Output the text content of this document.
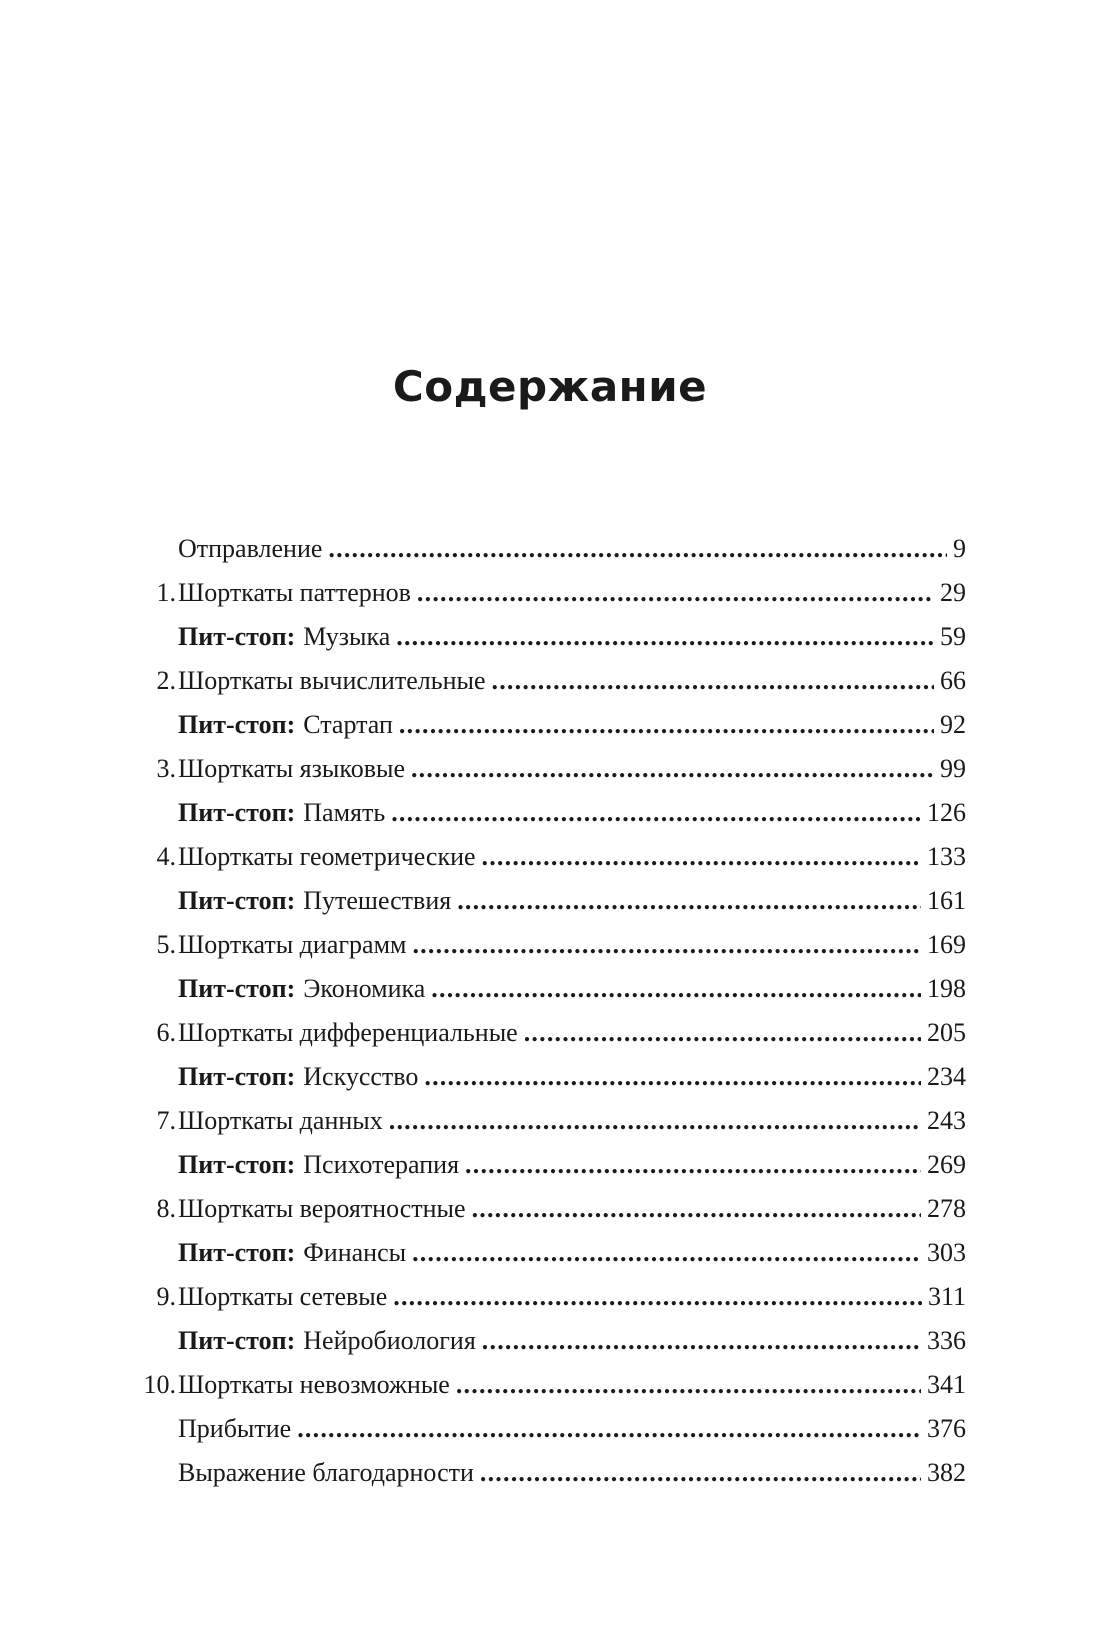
Содержание
Отправление .....	9
1. Шорткаты паттернов .....	29
Пит-стоп: Музыка .....	59
2. Шорткаты вычислительные .....	66
Пит-стоп: Стартап .....	92
3. Шорткаты языковые .....	99
Пит-стоп: Память .....	126
4. Шорткаты геометрические .....	133
Пит-стоп: Путешествия .....	161
5. Шорткаты диаграмм .....	169
Пит-стоп: Экономика .....	198
6. Шорткаты дифференциальные .....	205
Пит-стоп: Искусство .....	234
7. Шорткаты данных .....	243
Пит-стоп: Психотерапия .....	269
8. Шорткаты вероятностные .....	278
Пит-стоп: Финансы .....	303
9. Шорткаты сетевые .....	311
Пит-стоп: Нейробиология .....	336
10. Шорткаты невозможные .....	341
Прибытие .....	376
Выражение благодарности .....	382
